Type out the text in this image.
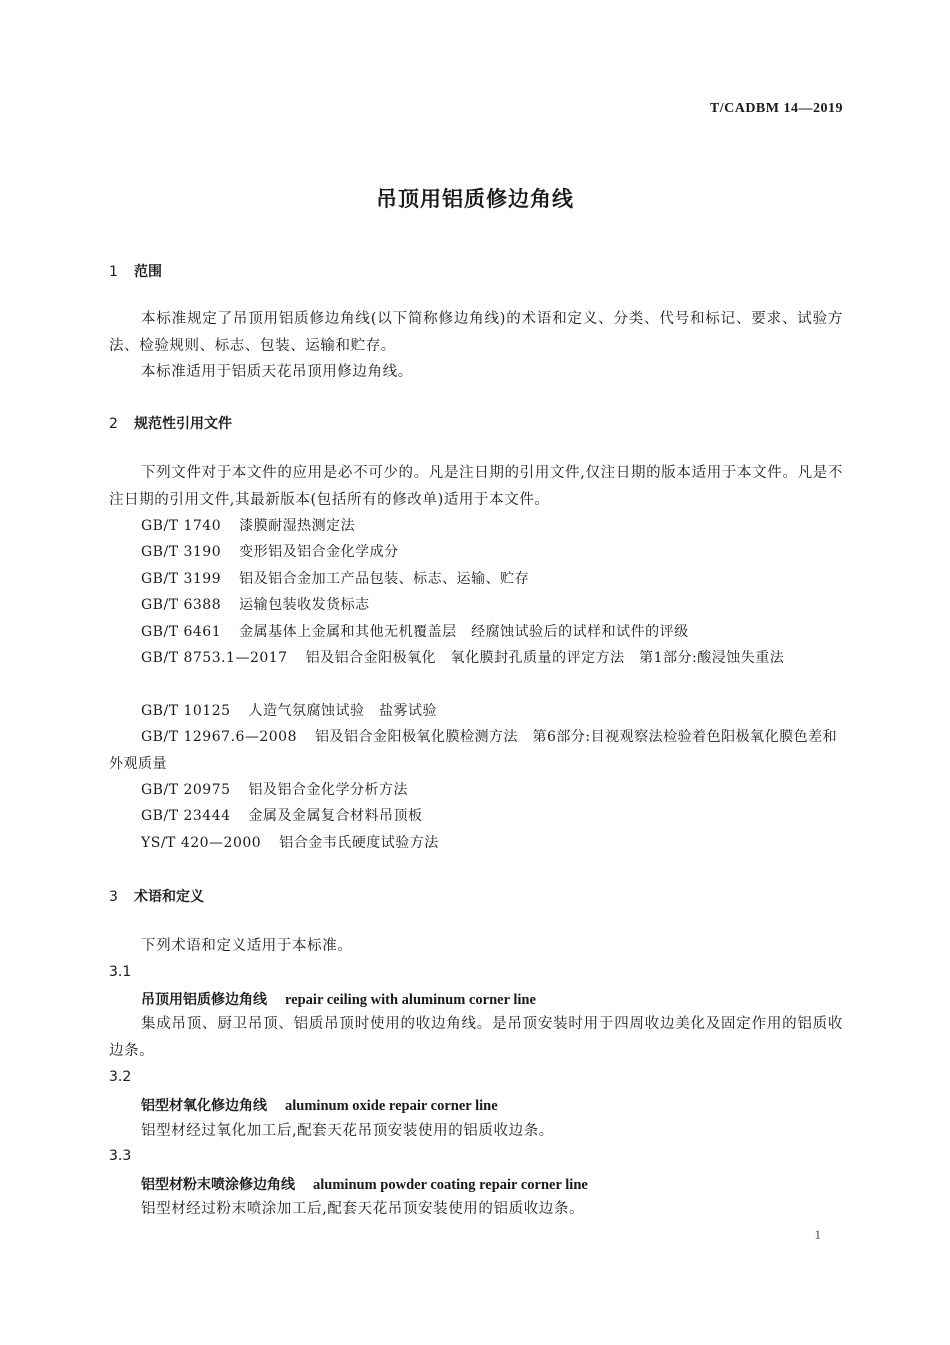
T/CADBM 14—2019
吊顶用铝质修边角线
1 范围
本标准规定了吊顶用铝质修边角线(以下简称修边角线)的术语和定义、分类、代号和标记、要求、试验方法、检验规则、标志、包装、运输和贮存。
本标准适用于铝质天花吊顶用修边角线。
2 规范性引用文件
下列文件对于本文件的应用是必不可少的。凡是注日期的引用文件,仅注日期的版本适用于本文件。凡是不注日期的引用文件,其最新版本(包括所有的修改单)适用于本文件。
GB/T 1740 漆膜耐湿热测定法
GB/T 3190 变形铝及铝合金化学成分
GB/T 3199 铝及铝合金加工产品包装、标志、运输、贮存
GB/T 6388 运输包装收发货标志
GB/T 6461 金属基体上金属和其他无机覆盖层　经腐蚀试验后的试样和试件的评级
GB/T 8753.1—2017 铝及铝合金阳极氧化　氧化膜封孔质量的评定方法　第1部分:酸浸蚀失重法
GB/T 10125 人造气氛腐蚀试验　盐雾试验
GB/T 12967.6—2008 铝及铝合金阳极氧化膜检测方法　第6部分:目视观察法检验着色阳极氧化膜色差和外观质量
GB/T 20975 铝及铝合金化学分析方法
GB/T 23444 金属及金属复合材料吊顶板
YS/T 420—2000 铝合金韦氏硬度试验方法
3 术语和定义
下列术语和定义适用于本标准。
3.1
吊顶用铝质修边角线 repair ceiling with aluminum corner line
集成吊顶、厨卫吊顶、铝质吊顶时使用的收边角线。是吊顶安装时用于四周收边美化及固定作用的铝质收边条。
3.2
铝型材氧化修边角线 aluminum oxide repair corner line
铝型材经过氧化加工后,配套天花吊顶安装使用的铝质收边条。
3.3
铝型材粉末喷涂修边角线 aluminum powder coating repair corner line
铝型材经过粉末喷涂加工后,配套天花吊顶安装使用的铝质收边条。
1
